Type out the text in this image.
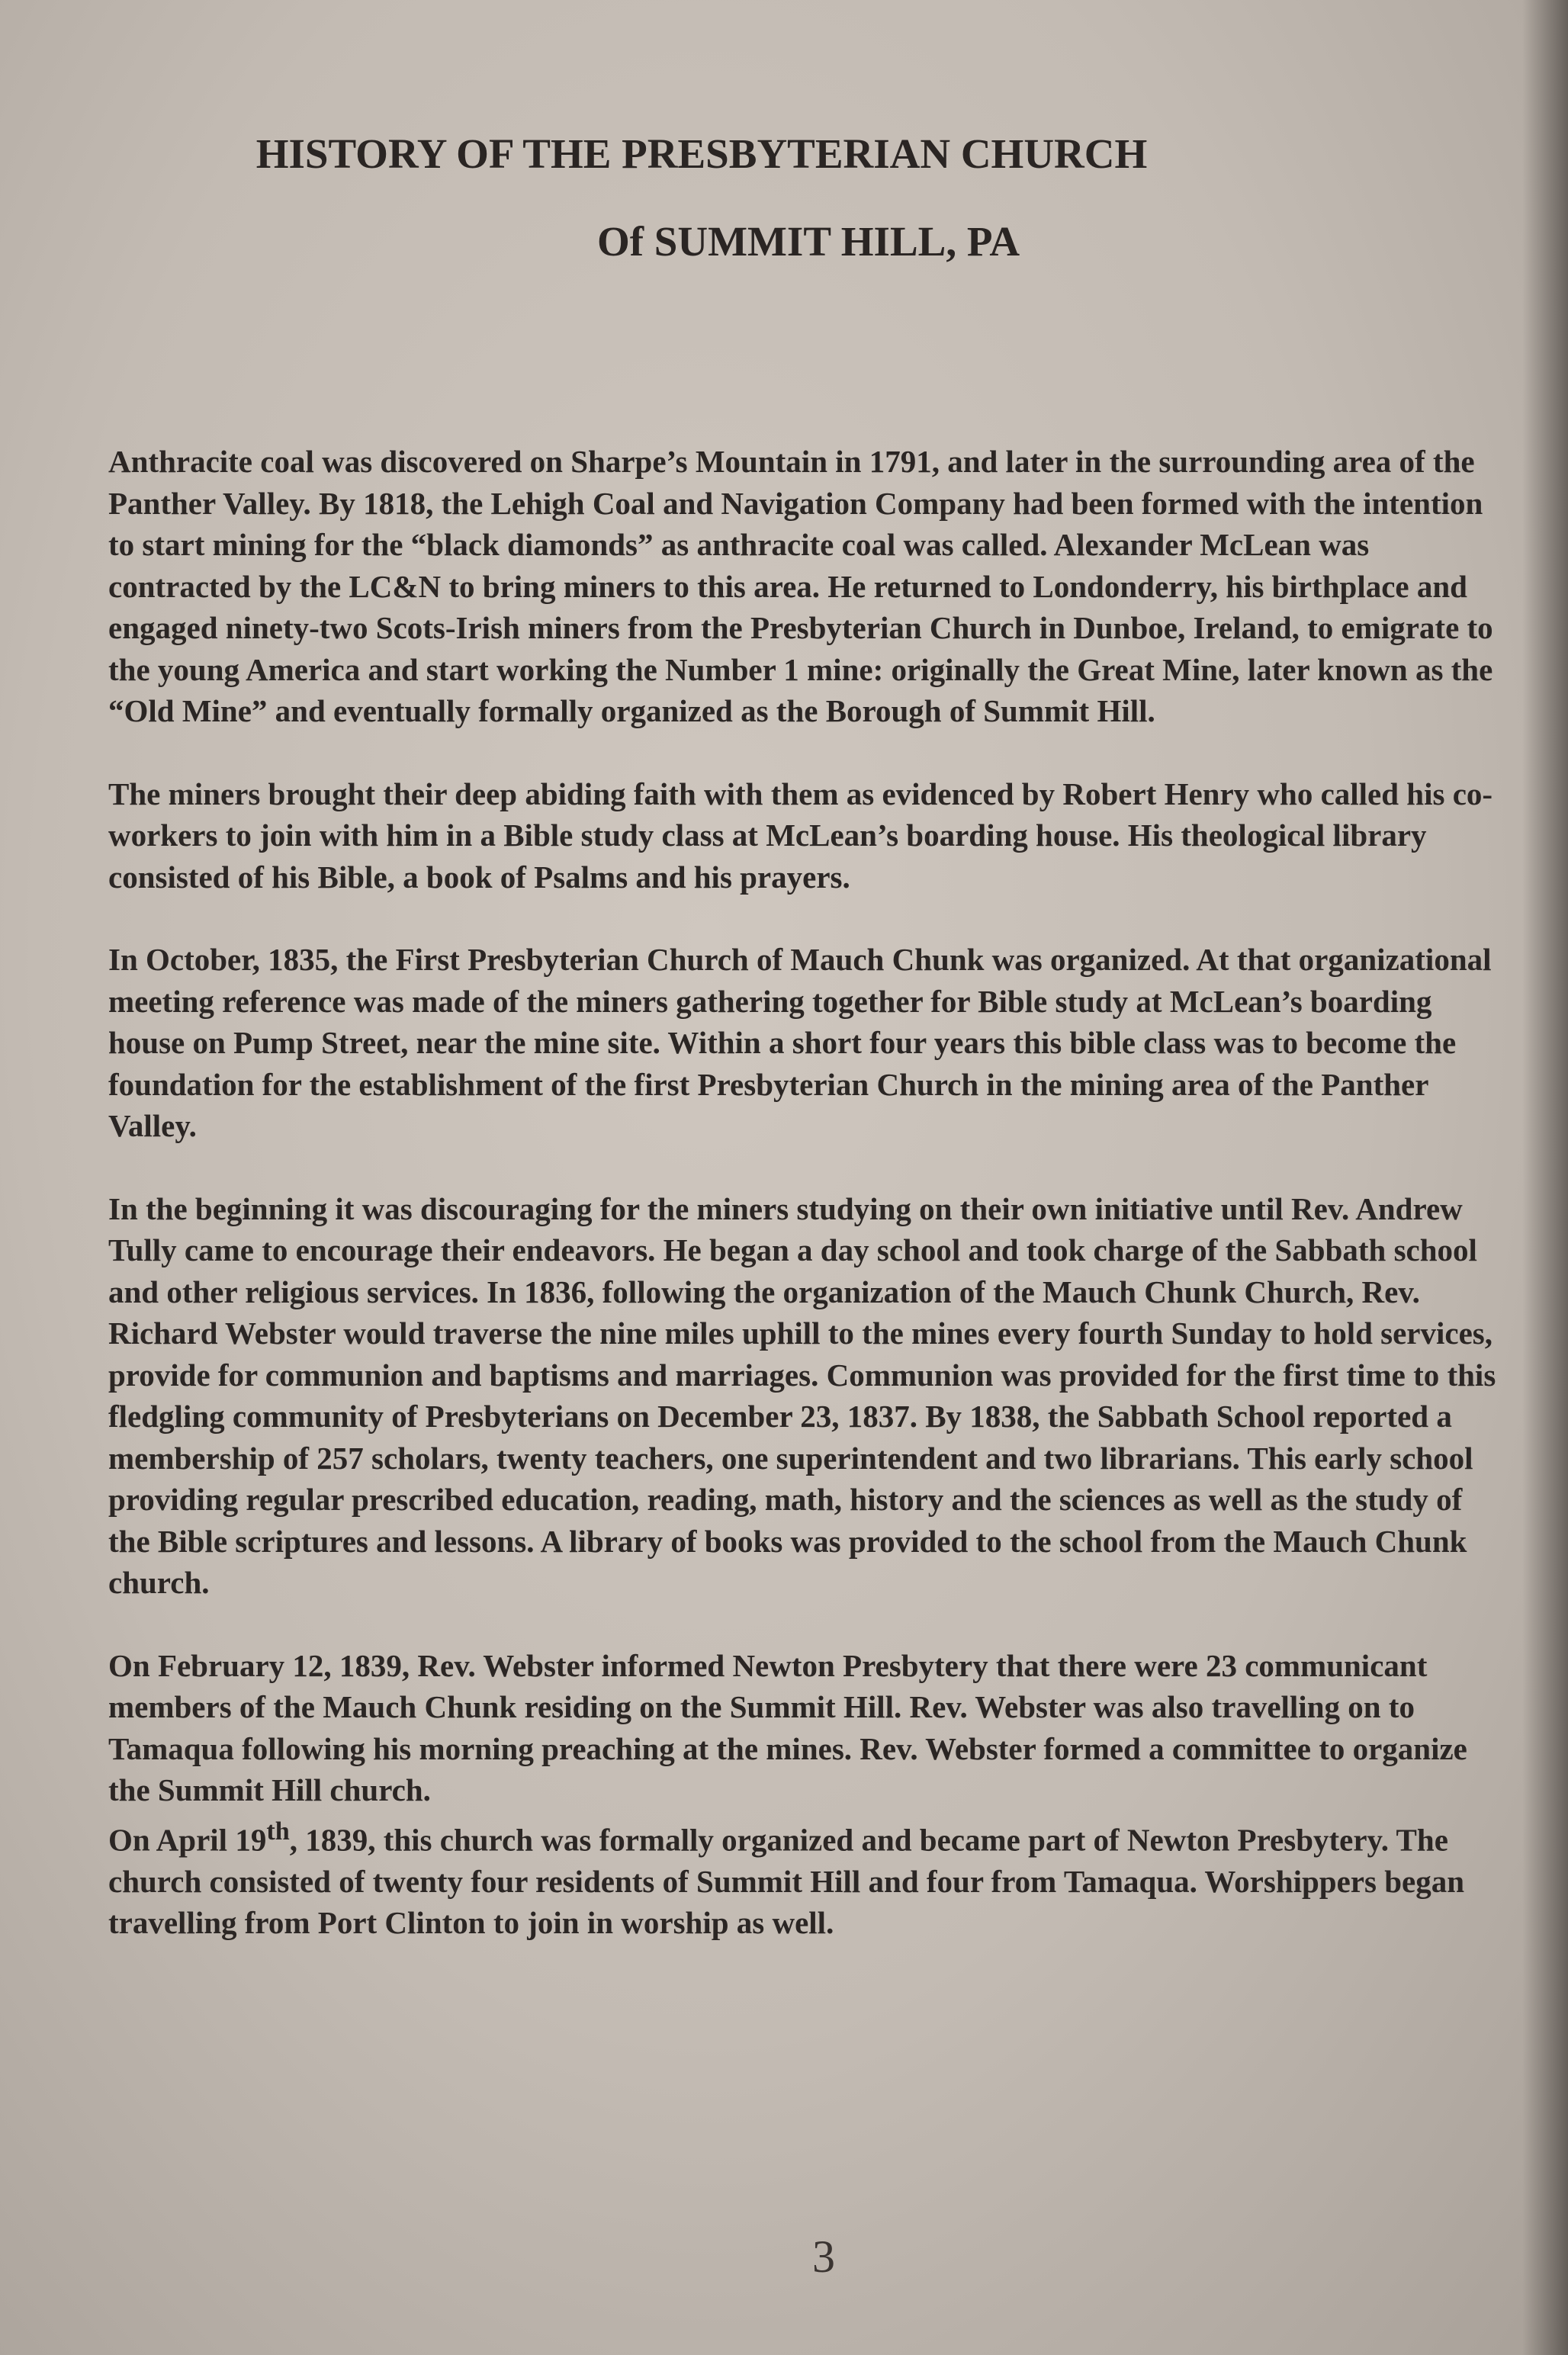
HISTORY OF THE PRESBYTERIAN CHURCH
Of SUMMIT HILL, PA

Anthracite coal was discovered on Sharpe’s Mountain in 1791, and later in the surrounding area of the Panther Valley. By 1818, the Lehigh Coal and Navigation Company had been formed with the intention to start mining for the “black diamonds” as anthracite coal was called. Alexander McLean was contracted by the LC&N to bring miners to this area. He returned to Londonderry, his birthplace and engaged ninety-two Scots-Irish miners from the Presbyterian Church in Dunboe, Ireland, to emigrate to the young America and start working the Number 1 mine: originally the Great Mine, later known as the “Old Mine” and eventually formally organized as the Borough of Summit Hill.

The miners brought their deep abiding faith with them as evidenced by Robert Henry who called his co-workers to join with him in a Bible study class at McLean’s boarding house. His theological library consisted of his Bible, a book of Psalms and his prayers.

In October, 1835, the First Presbyterian Church of Mauch Chunk was organized. At that organizational meeting reference was made of the miners gathering together for Bible study at McLean’s boarding house on Pump Street, near the mine site. Within a short four years this bible class was to become the foundation for the establishment of the first Presbyterian Church in the mining area of the Panther Valley.

In the beginning it was discouraging for the miners studying on their own initiative until Rev. Andrew Tully came to encourage their endeavors. He began a day school and took charge of the Sabbath school and other religious services. In 1836, following the organization of the Mauch Chunk Church, Rev. Richard Webster would traverse the nine miles uphill to the mines every fourth Sunday to hold services, provide for communion and baptisms and marriages. Communion was provided for the first time to this fledgling community of Presbyterians on December 23, 1837. By 1838, the Sabbath School reported a membership of 257 scholars, twenty teachers, one superintendent and two librarians. This early school providing regular prescribed education, reading, math, history and the sciences as well as the study of the Bible scriptures and lessons. A library of books was provided to the school from the Mauch Chunk church.

On February 12, 1839, Rev. Webster informed Newton Presbytery that there were 23 communicant members of the Mauch Chunk residing on the Summit Hill. Rev. Webster was also travelling on to Tamaqua following his morning preaching at the mines. Rev. Webster formed a committee to organize the Summit Hill church.

On April 19th, 1839, this church was formally organized and became part of Newton Presbytery. The church consisted of twenty four residents of Summit Hill and four from Tamaqua. Worshippers began travelling from Port Clinton to join in worship as well.

3
